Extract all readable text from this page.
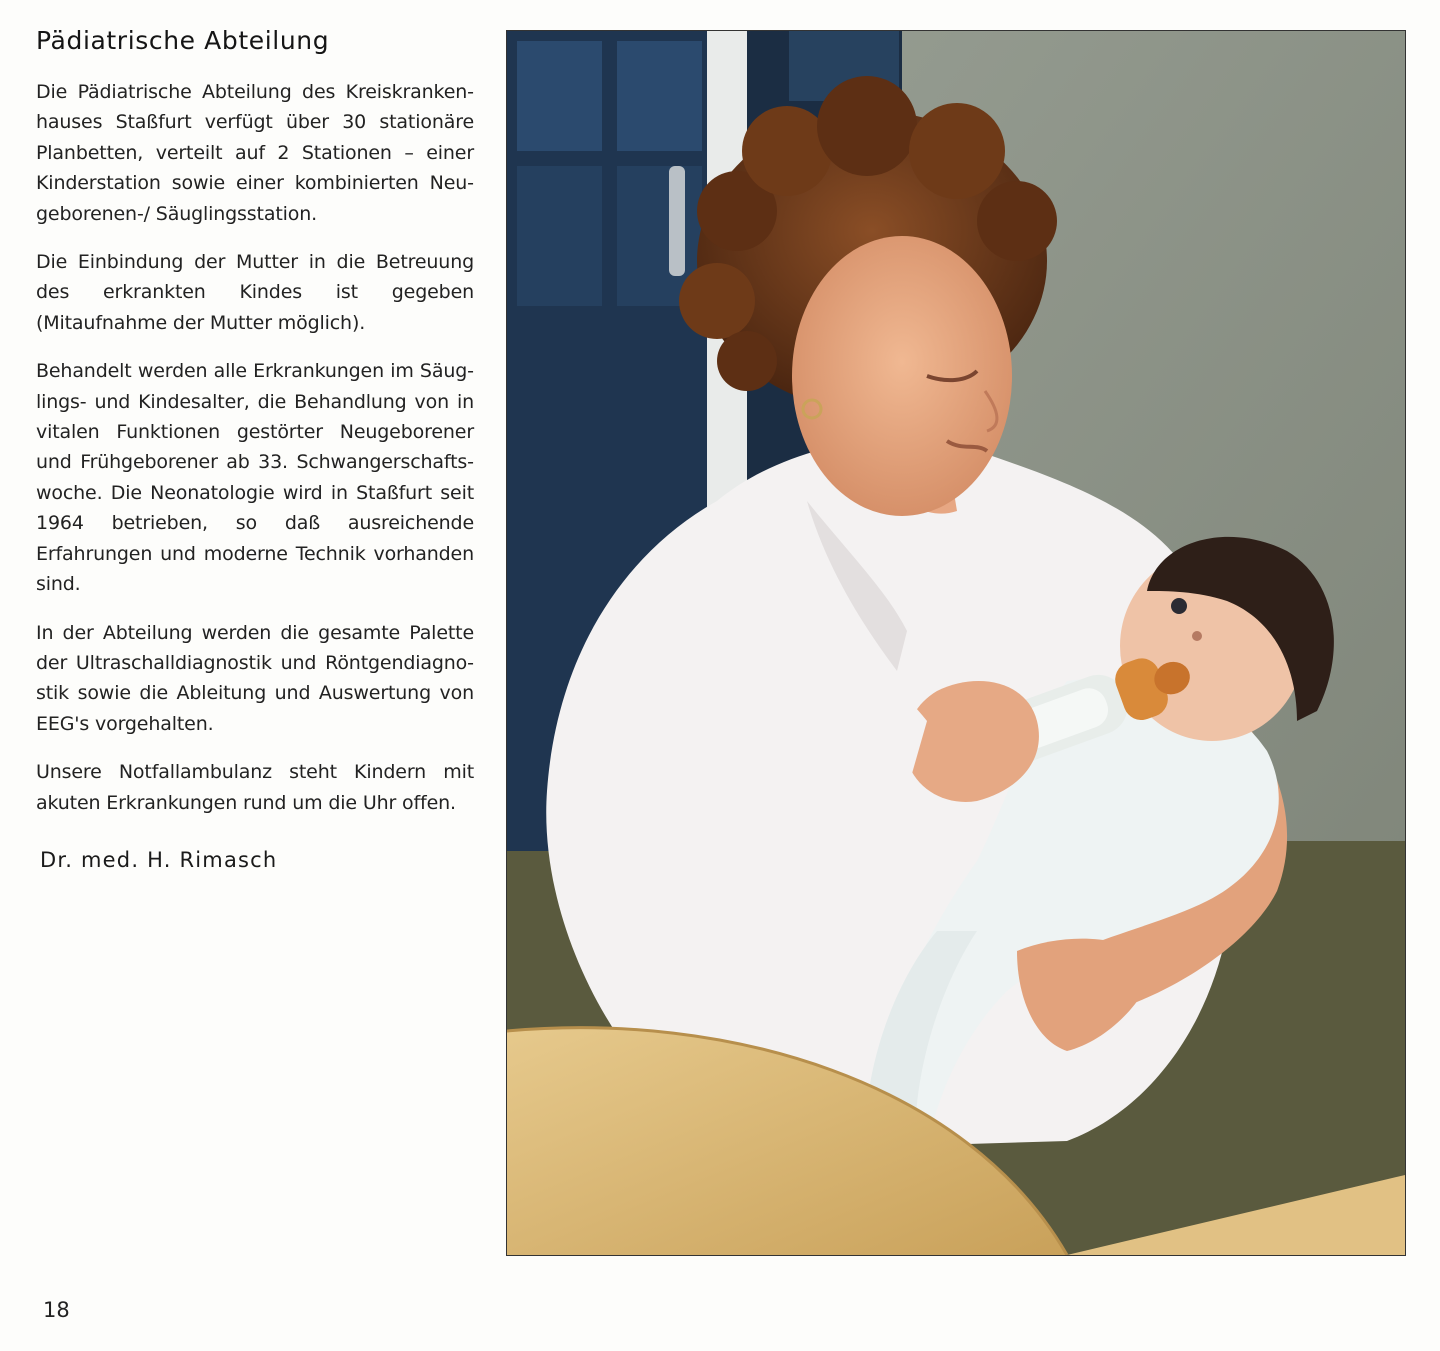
Pädiatrische Abteilung

Die Pädiatrische Abteilung des Kreiskrankenhauses Staßfurt verfügt über 30 stationäre Planbetten, verteilt auf 2 Stationen – einer Kinderstation sowie einer kombinierten Neugeborenen-/ Säuglingsstation.

Die Einbindung der Mutter in die Betreuung des erkrankten Kindes ist gegeben (Mitaufnahme der Mutter möglich).

Behandelt werden alle Erkrankungen im Säuglings- und Kindesalter, die Behandlung von in vitalen Funktionen gestörter Neugeborener und Frühgeborener ab 33. Schwangerschaftswoche. Die Neonatologie wird in Staßfurt seit 1964 betrieben, so daß ausreichende Erfahrungen und moderne Technik vorhanden sind.

In der Abteilung werden die gesamte Palette der Ultraschalldiagnostik und Röntgendiagnostik sowie die Ableitung und Auswertung von EEG's vorgehalten.

Unsere Notfallambulanz steht Kindern mit akuten Erkrankungen rund um die Uhr offen.

Dr. med. H. Rimasch
18
